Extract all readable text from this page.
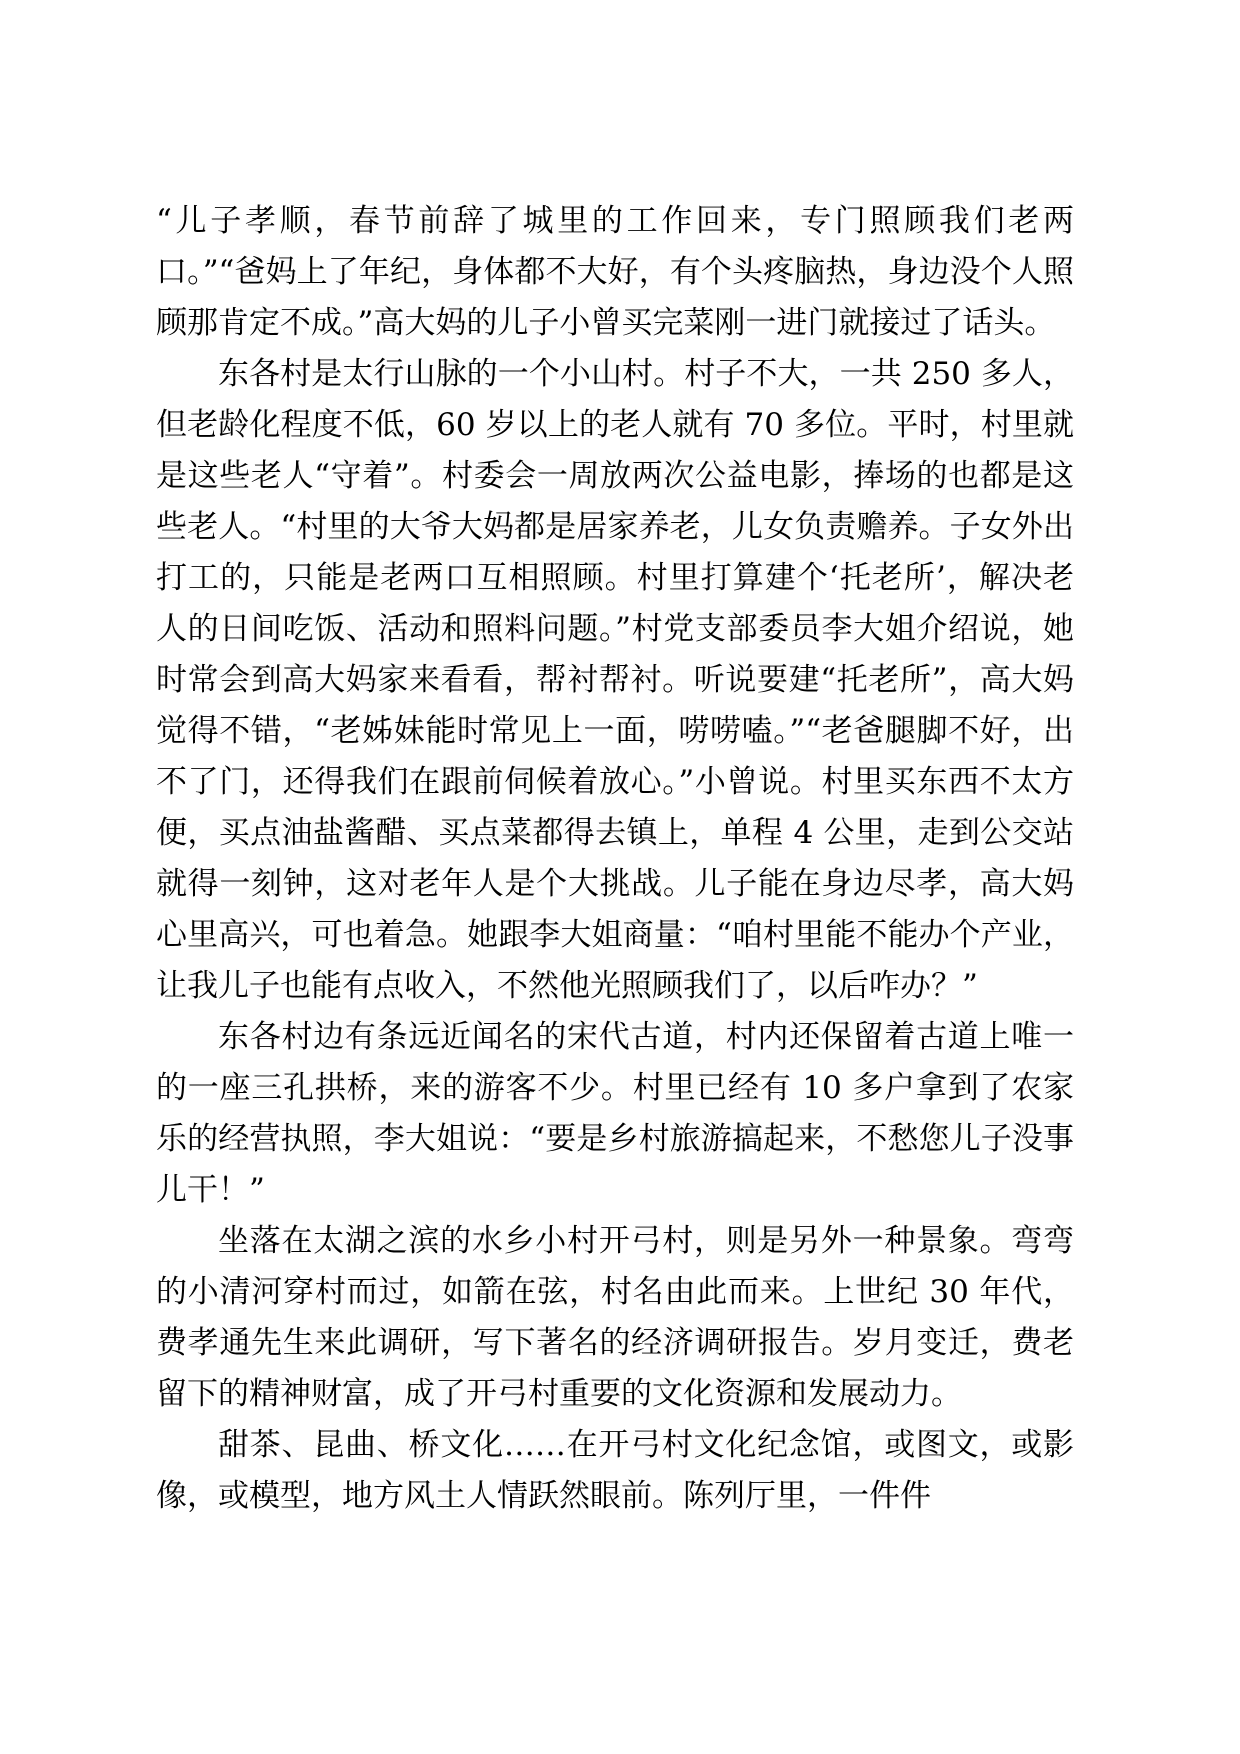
“儿子孝顺，春节前辞了城里的工作回来，专门照顾我们老两口。”“爸妈上了年纪，身体都不大好，有个头疼脑热，身边没个人照顾那肯定不成。”高大妈的儿子小曾买完菜刚一进门就接过了话头。

东各村是太行山脉的一个小山村。村子不大，一共 250 多人，但老龄化程度不低，60 岁以上的老人就有 70 多位。平时，村里就是这些老人“守着”。村委会一周放两次公益电影，捧场的也都是这些老人。“村里的大爷大妈都是居家养老，儿女负责赡养。子女外出打工的，只能是老两口互相照顾。村里打算建个‘托老所’，解决老人的日间吃饭、活动和照料问题。”村党支部委员李大姐介绍说，她时常会到高大妈家来看看，帮衬帮衬。听说要建“托老所”，高大妈觉得不错，“老姊妹能时常见上一面，唠唠嗑。”“老爸腿脚不好，出不了门，还得我们在跟前伺候着放心。”小曾说。村里买东西不太方便，买点油盐酱醋、买点菜都得去镇上，单程 4 公里，走到公交站就得一刻钟，这对老年人是个大挑战。儿子能在身边尽孝，高大妈心里高兴，可也着急。她跟李大姐商量：“咱村里能不能办个产业，让我儿子也能有点收入，不然他光照顾我们了，以后咋办？”

东各村边有条远近闻名的宋代古道，村内还保留着古道上唯一的一座三孔拱桥，来的游客不少。村里已经有 10 多户拿到了农家乐的经营执照，李大姐说：“要是乡村旅游搞起来，不愁您儿子没事儿干！”

坐落在太湖之滨的水乡小村开弓村，则是另外一种景象。弯弯的小清河穿村而过，如箭在弦，村名由此而来。上世纪 30 年代，费孝通先生来此调研，写下著名的经济调研报告。岁月变迁，费老留下的精神财富，成了开弓村重要的文化资源和发展动力。

甜茶、昆曲、桥文化……在开弓村文化纪念馆，或图文，或影像，或模型，地方风土人情跃然眼前。陈列厅里，一件件
